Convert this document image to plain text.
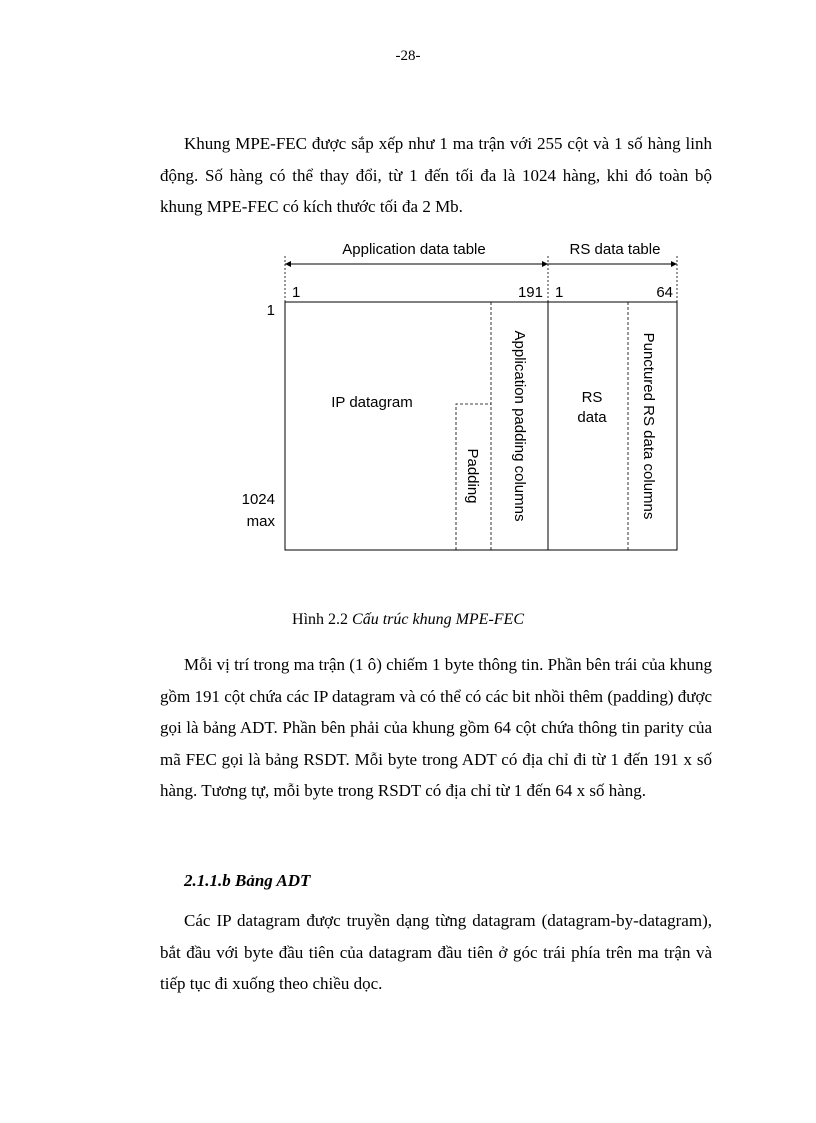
-28-

Khung MPE-FEC được sắp xếp như 1 ma trận với 255 cột và 1 số hàng linh động. Số hàng có thể thay đổi, từ 1 đến tối đa là 1024 hàng, khi đó toàn bộ khung MPE-FEC có kích thước tối đa 2 Mb.

Application data table	RS data table
1	191 1	64
1
1024
max
IP datagram	RS
data
Padding Application padding columns	Punctured RS data columns
Hình 2.2 Cấu trúc khung MPE-FEC

Mỗi vị trí trong ma trận (1 ô) chiếm 1 byte thông tin. Phần bên trái của khung gồm 191 cột chứa các IP datagram và có thể có các bit nhồi thêm (padding) được gọi là bảng ADT. Phần bên phải của khung gồm 64 cột chứa thông tin parity của mã FEC gọi là bảng RSDT. Mỗi byte trong ADT có địa chỉ đi từ 1 đến 191 x số hàng. Tương tự, mỗi byte trong RSDT có địa chỉ từ 1 đến 64 x số hàng.

2.1.1.b Bảng ADT

Các IP datagram được truyền dạng từng datagram (datagram-by-datagram), bắt đầu với byte đầu tiên của datagram đầu tiên ở góc trái phía trên ma trận và tiếp tục đi xuống theo chiều dọc.
